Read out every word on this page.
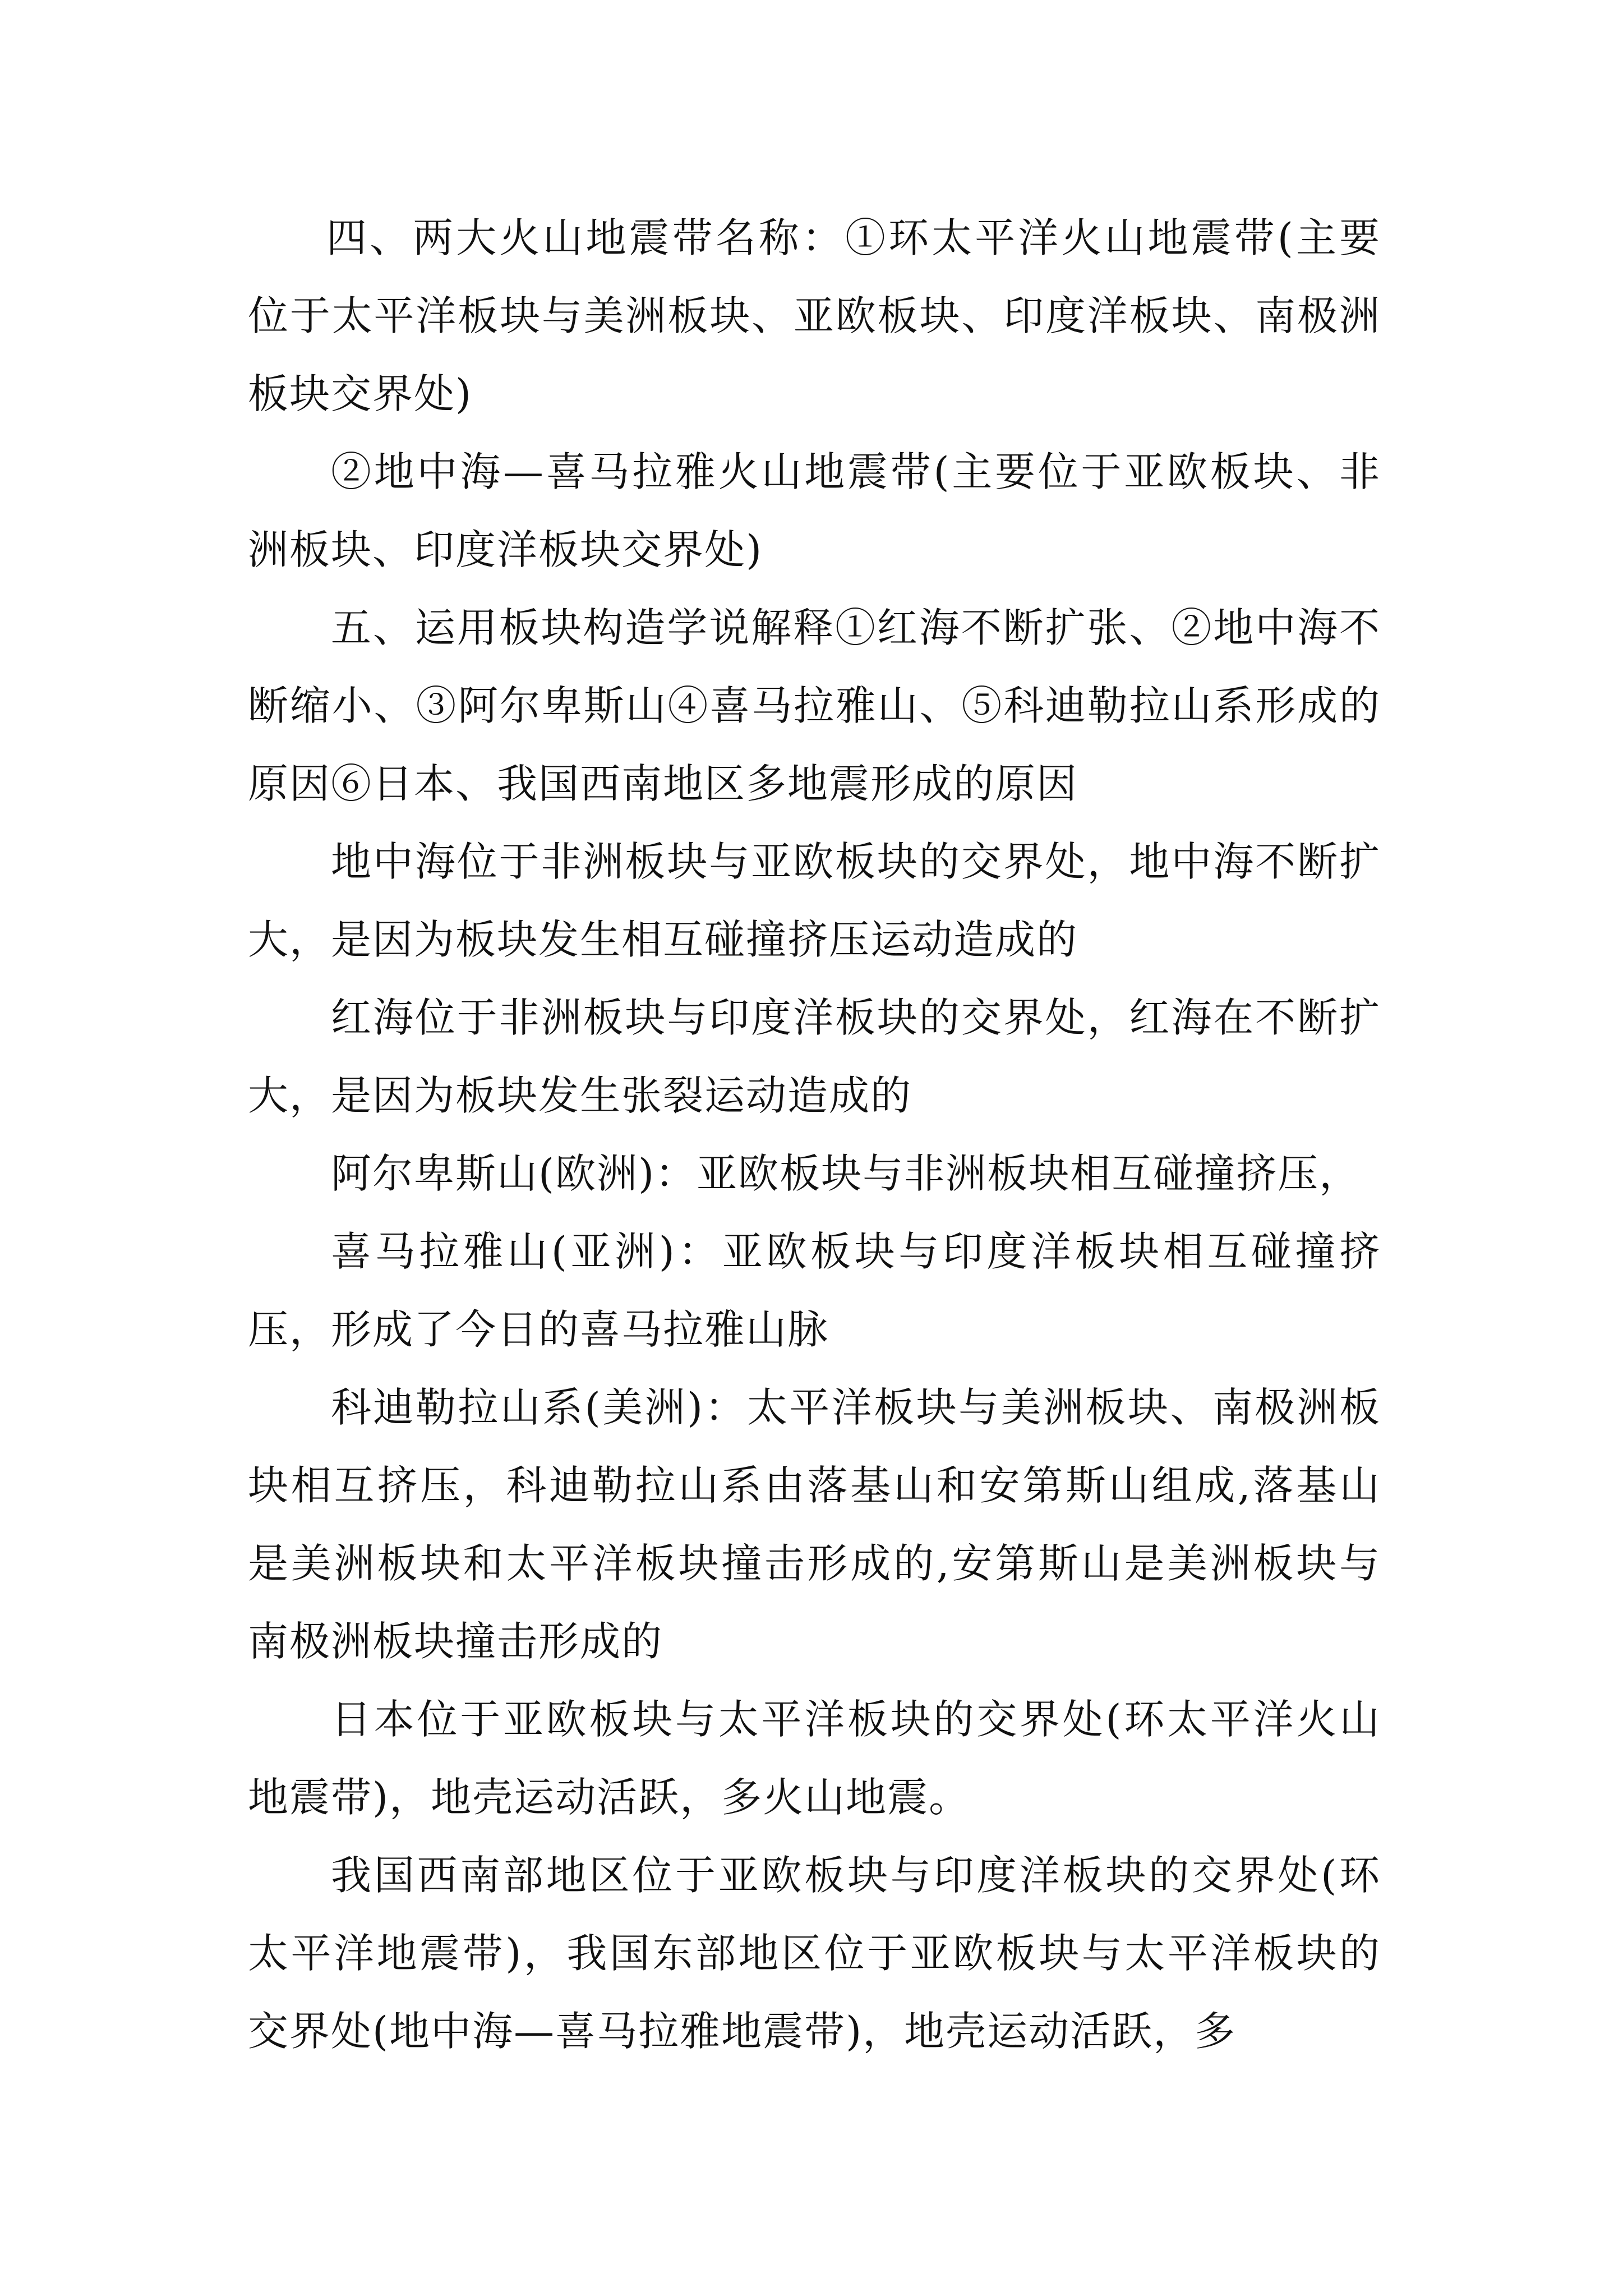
四、两大火山地震带名称：①环太平洋火山地震带(主要位于太平洋板块与美洲板块、亚欧板块、印度洋板块、南极洲板块交界处)

②地中海—喜马拉雅火山地震带(主要位于亚欧板块、非洲板块、印度洋板块交界处)

五、运用板块构造学说解释①红海不断扩张、②地中海不断缩小、③阿尔卑斯山④喜马拉雅山、⑤科迪勒拉山系形成的原因⑥日本、我国西南地区多地震形成的原因

地中海位于非洲板块与亚欧板块的交界处，地中海不断扩大，是因为板块发生相互碰撞挤压运动造成的

红海位于非洲板块与印度洋板块的交界处，红海在不断扩大，是因为板块发生张裂运动造成的

阿尔卑斯山(欧洲)：亚欧板块与非洲板块相互碰撞挤压，

喜马拉雅山(亚洲)：亚欧板块与印度洋板块相互碰撞挤压，形成了今日的喜马拉雅山脉

科迪勒拉山系(美洲)：太平洋板块与美洲板块、南极洲板块相互挤压，科迪勒拉山系由落基山和安第斯山组成,落基山是美洲板块和太平洋板块撞击形成的,安第斯山是美洲板块与南极洲板块撞击形成的

日本位于亚欧板块与太平洋板块的交界处(环太平洋火山地震带)，地壳运动活跃，多火山地震。

我国西南部地区位于亚欧板块与印度洋板块的交界处(环太平洋地震带)，我国东部地区位于亚欧板块与太平洋板块的交界处(地中海—喜马拉雅地震带)，地壳运动活跃，多
